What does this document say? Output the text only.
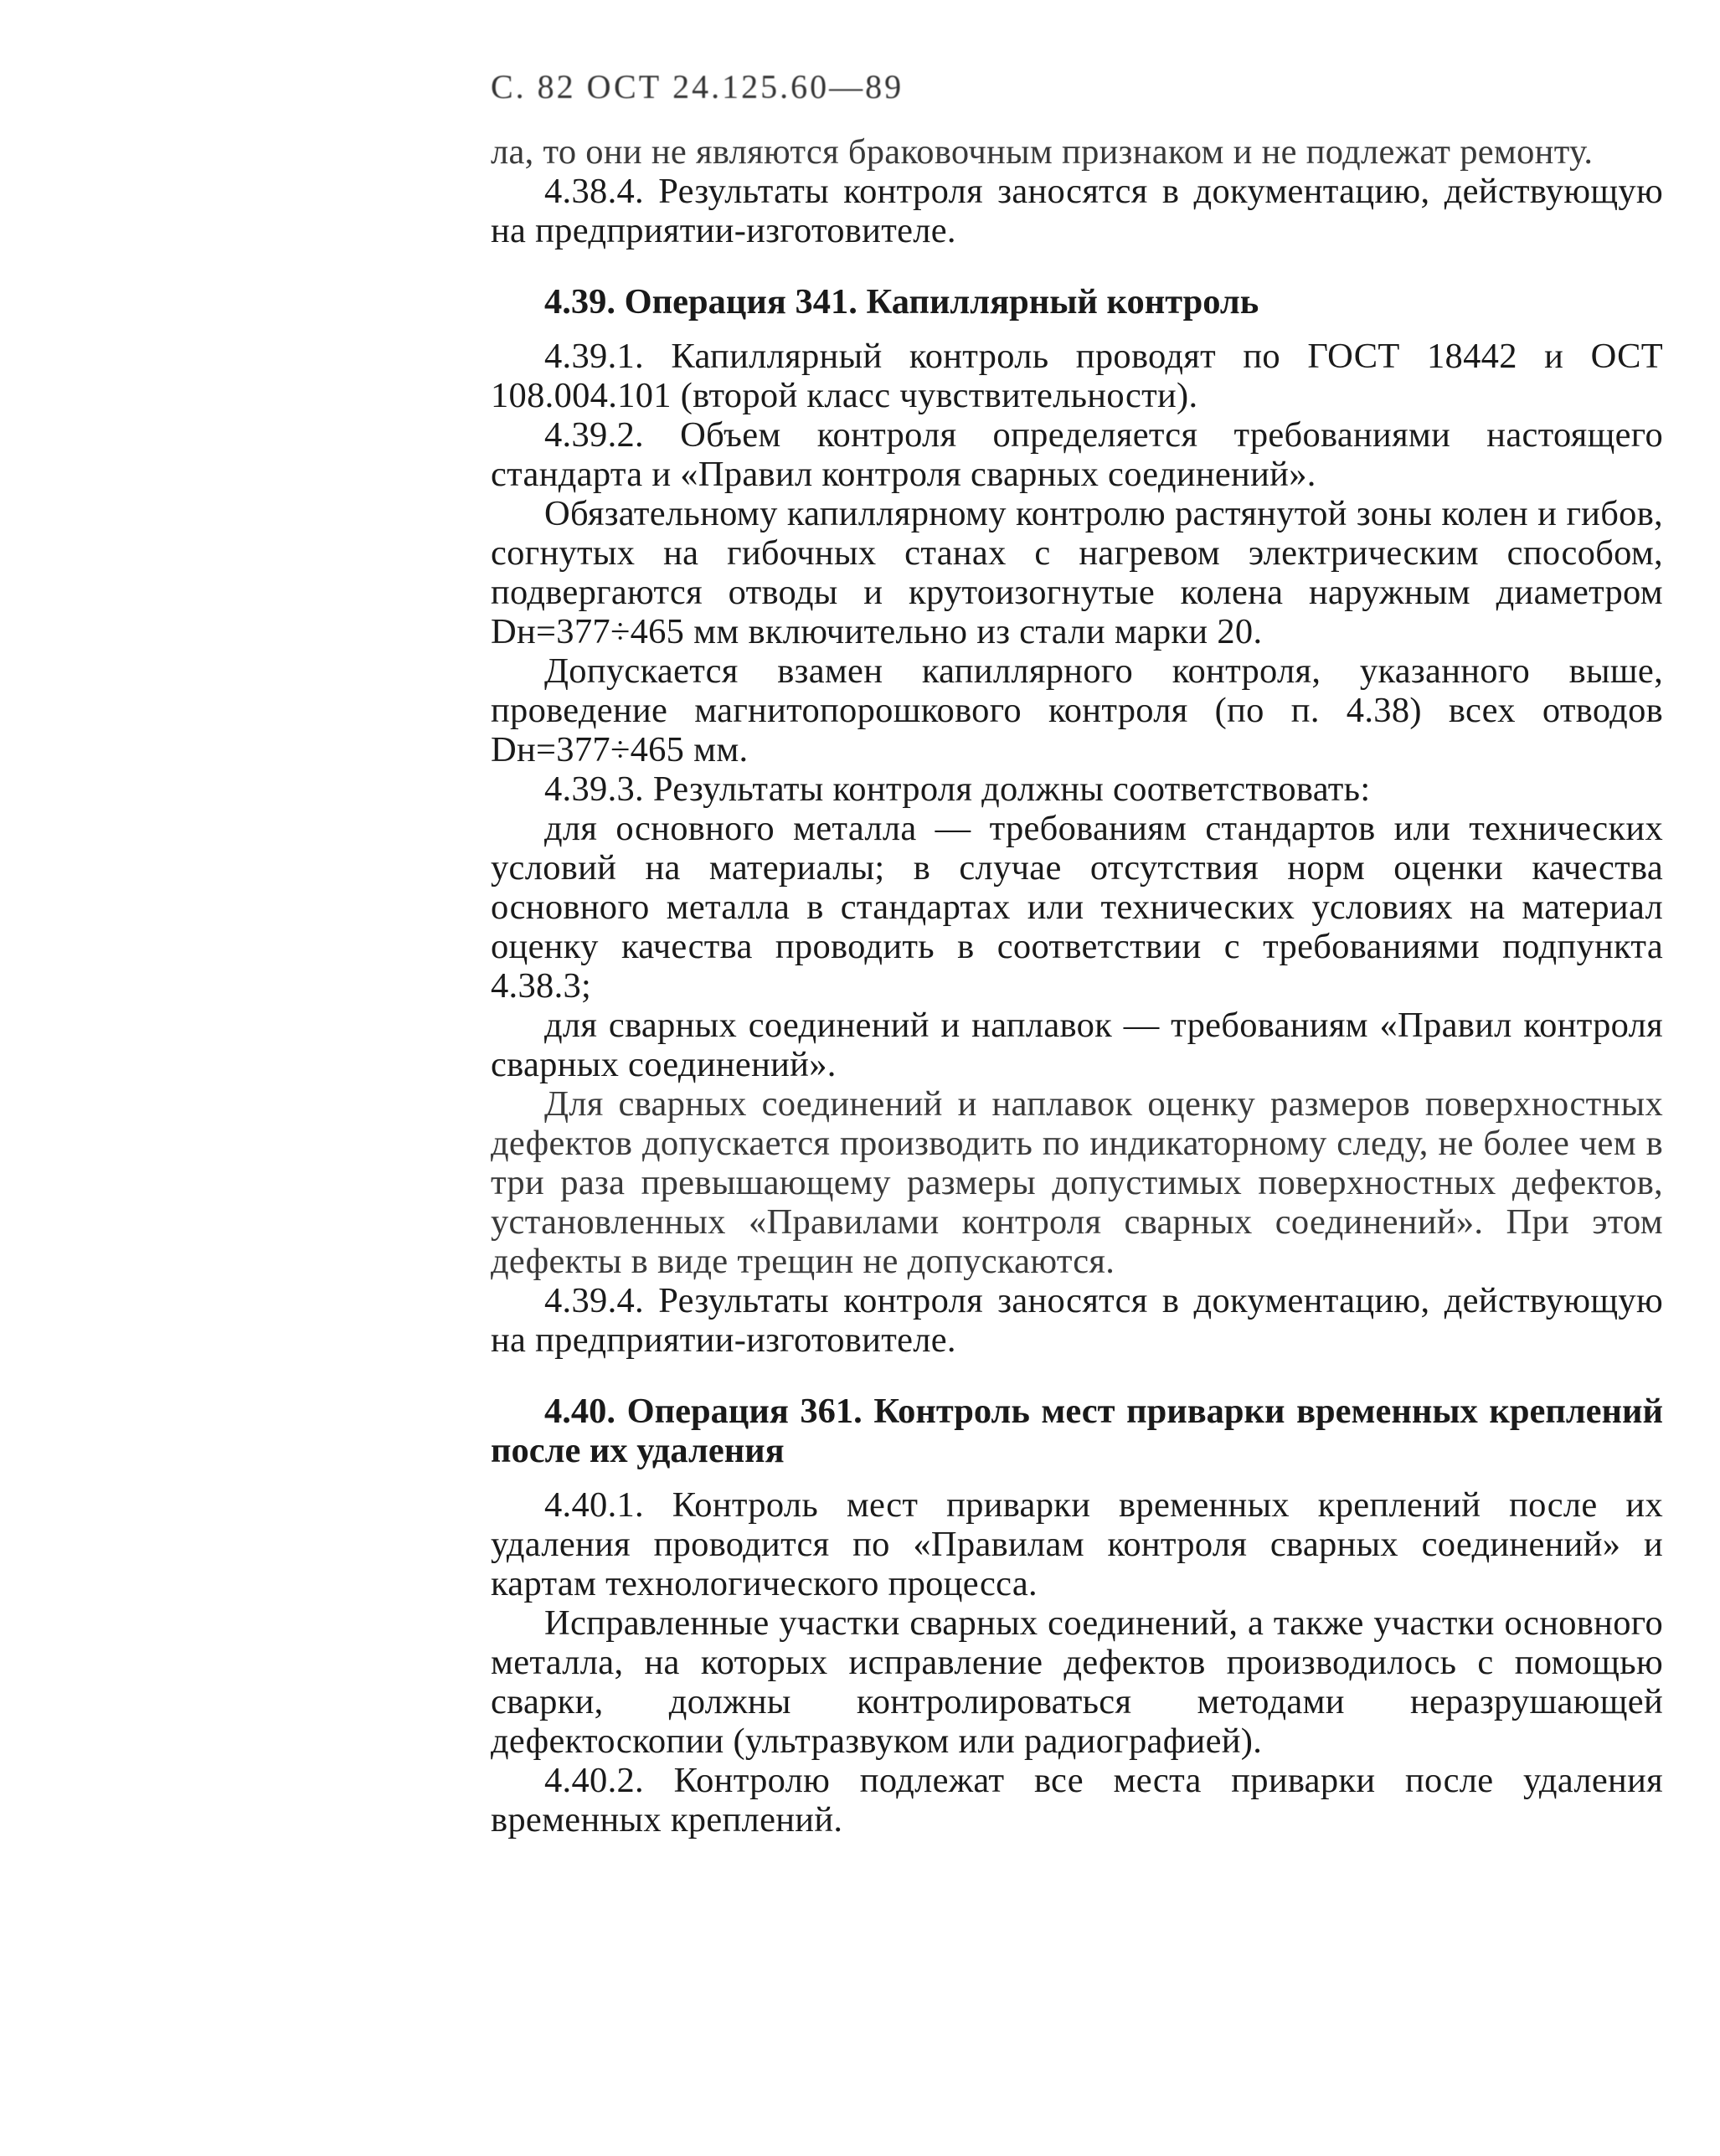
С. 82 ОСТ 24.125.60—89

ла, то они не являются браковочным признаком и не подлежат ремонту.

4.38.4. Результаты контроля заносятся в документацию, действующую на предприятии-изготовителе.

4.39. Операция 341. Капиллярный контроль

4.39.1. Капиллярный контроль проводят по ГОСТ 18442 и ОСТ 108.004.101 (второй класс чувствительности).

4.39.2. Объем контроля определяется требованиями настоящего стандарта и «Правил контроля сварных соединений».

Обязательному капиллярному контролю растянутой зоны колен и гибов, согнутых на гибочных станах с нагревом электрическим способом, подвергаются отводы и крутоизогнутые колена наружным диаметром Dн=377÷465 мм включительно из стали марки 20.

Допускается взамен капиллярного контроля, указанного выше, проведение магнитопорошкового контроля (по п. 4.38) всех отводов Dн=377÷465 мм.

4.39.3. Результаты контроля должны соответствовать:

для основного металла — требованиям стандартов или технических условий на материалы; в случае отсутствия норм оценки качества основного металла в стандартах или технических условиях на материал оценку качества проводить в соответствии с требованиями подпункта 4.38.3;

для сварных соединений и наплавок — требованиям «Правил контроля сварных соединений».

Для сварных соединений и наплавок оценку размеров поверхностных дефектов допускается производить по индикаторному следу, не более чем в три раза превышающему размеры допустимых поверхностных дефектов, установленных «Правилами контроля сварных соединений». При этом дефекты в виде трещин не допускаются.

4.39.4. Результаты контроля заносятся в документацию, действующую на предприятии-изготовителе.

4.40. Операция 361. Контроль мест приварки временных креплений после их удаления

4.40.1. Контроль мест приварки временных креплений после их удаления проводится по «Правилам контроля сварных соединений» и картам технологического процесса.

Исправленные участки сварных соединений, а также участки основного металла, на которых исправление дефектов производилось с помощью сварки, должны контролироваться методами неразрушающей дефектоскопии (ультразвуком или радиографией).

4.40.2. Контролю подлежат все места приварки после удаления временных креплений.
